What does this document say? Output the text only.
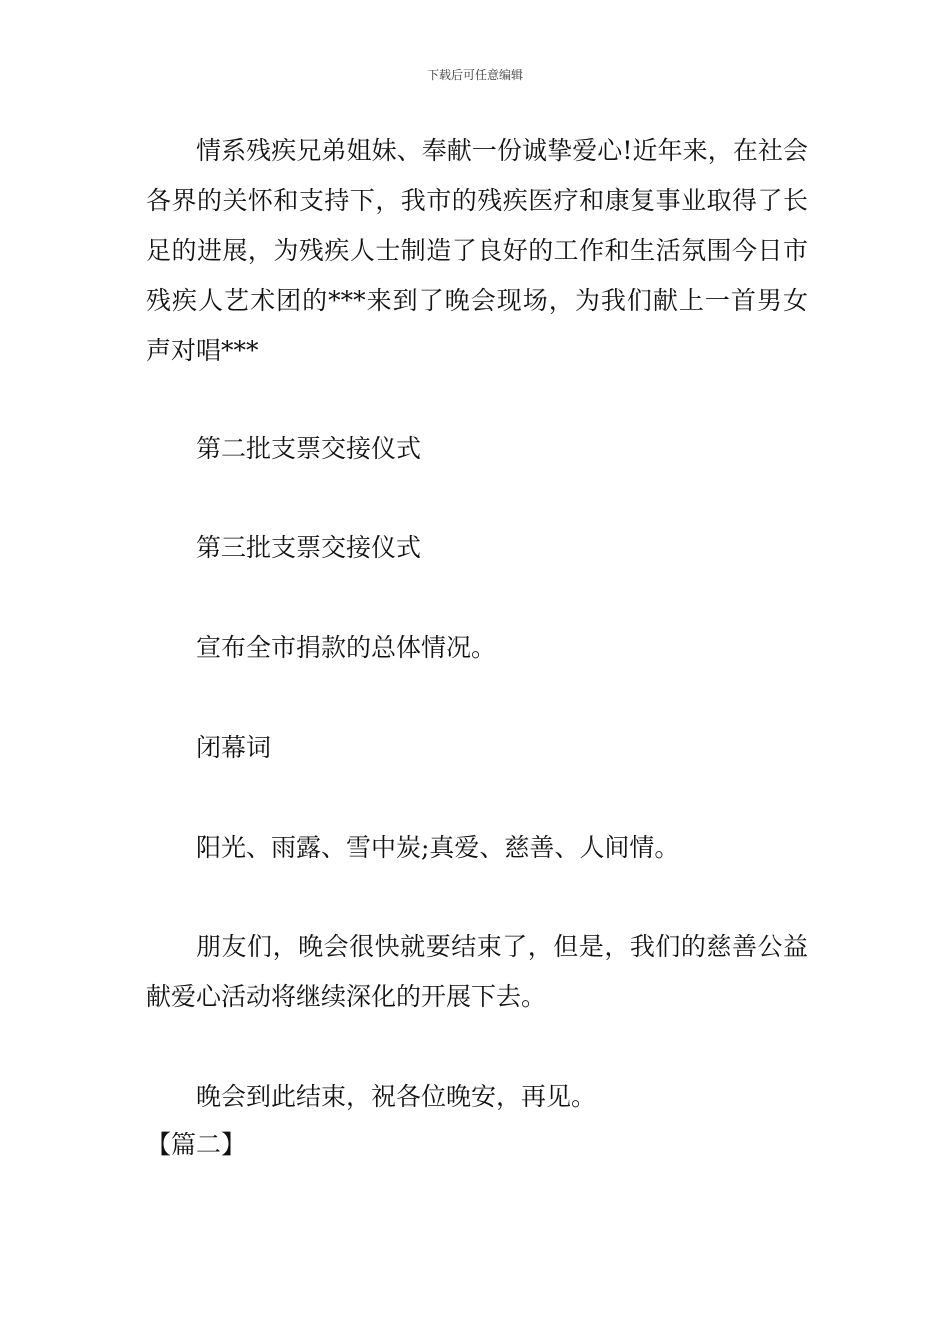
下载后可任意编辑

情系残疾兄弟姐妹、奉献一份诚挚爱心!近年来，在社会各界的关怀和支持下，我市的残疾医疗和康复事业取得了长足的进展，为残疾人士制造了良好的工作和生活氛围今日市残疾人艺术团的***来到了晚会现场，为我们献上一首男女声对唱***

第二批支票交接仪式

第三批支票交接仪式

宣布全市捐款的总体情况。

闭幕词

阳光、雨露、雪中炭;真爱、慈善、人间情。

朋友们，晚会很快就要结束了，但是，我们的慈善公益献爱心活动将继续深化的开展下去。

晚会到此结束，祝各位晚安，再见。

【篇二】
